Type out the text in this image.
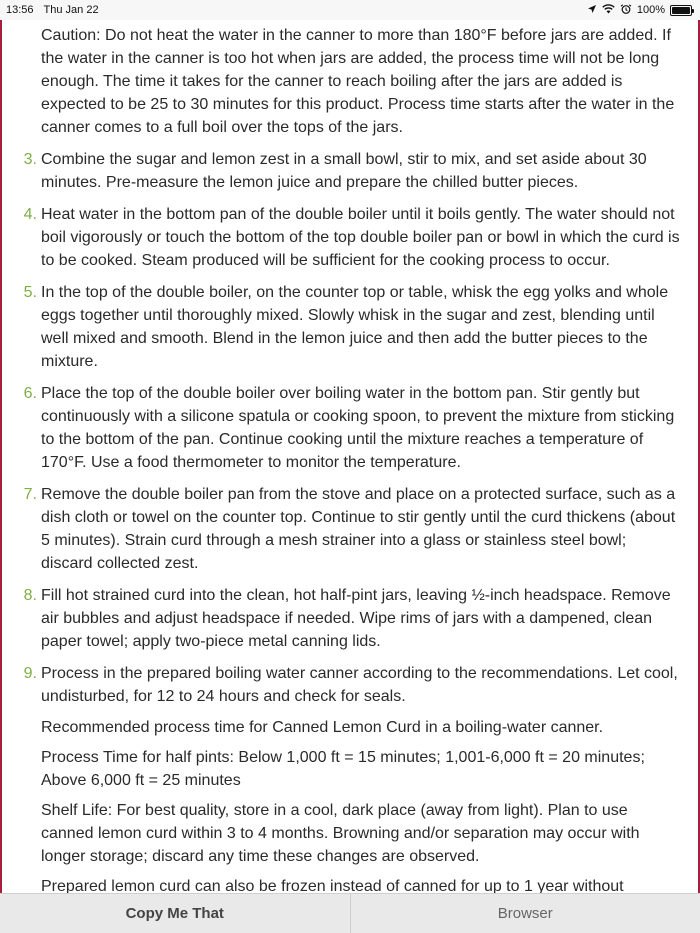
13:56 Thu Jan 22	100%

Caution: Do not heat the water in the canner to more than 180°F before jars are added. If the water in the canner is too hot when jars are added, the process time will not be long enough. The time it takes for the canner to reach boiling after the jars are added is expected to be 25 to 30 minutes for this product. Process time starts after the water in the canner comes to a full boil over the tops of the jars.

3. Combine the sugar and lemon zest in a small bowl, stir to mix, and set aside about 30 minutes. Pre-measure the lemon juice and prepare the chilled butter pieces.
4. Heat water in the bottom pan of the double boiler until it boils gently. The water should not boil vigorously or touch the bottom of the top double boiler pan or bowl in which the curd is to be cooked. Steam produced will be sufficient for the cooking process to occur.
5. In the top of the double boiler, on the counter top or table, whisk the egg yolks and whole eggs together until thoroughly mixed. Slowly whisk in the sugar and zest, blending until well mixed and smooth. Blend in the lemon juice and then add the butter pieces to the mixture.
6. Place the top of the double boiler over boiling water in the bottom pan. Stir gently but continuously with a silicone spatula or cooking spoon, to prevent the mixture from sticking to the bottom of the pan. Continue cooking until the mixture reaches a temperature of 170°F. Use a food thermometer to monitor the temperature.
7. Remove the double boiler pan from the stove and place on a protected surface, such as a dish cloth or towel on the counter top. Continue to stir gently until the curd thickens (about 5 minutes). Strain curd through a mesh strainer into a glass or stainless steel bowl; discard collected zest.
8. Fill hot strained curd into the clean, hot half-pint jars, leaving ½-inch headspace. Remove air bubbles and adjust headspace if needed. Wipe rims of jars with a dampened, clean paper towel; apply two-piece metal canning lids.
9. Process in the prepared boiling water canner according to the recommendations. Let cool, undisturbed, for 12 to 24 hours and check for seals.

Recommended process time for Canned Lemon Curd in a boiling-water canner.

Process Time for half pints: Below 1,000 ft = 15 minutes; 1,001-6,000 ft = 20 minutes; Above 6,000 ft = 25 minutes

Shelf Life: For best quality, store in a cool, dark place (away from light). Plan to use canned lemon curd within 3 to 4 months. Browning and/or separation may occur with longer storage; discard any time these changes are observed.

Prepared lemon curd can also be frozen instead of canned for up to 1 year without

Copy Me That	Browser
